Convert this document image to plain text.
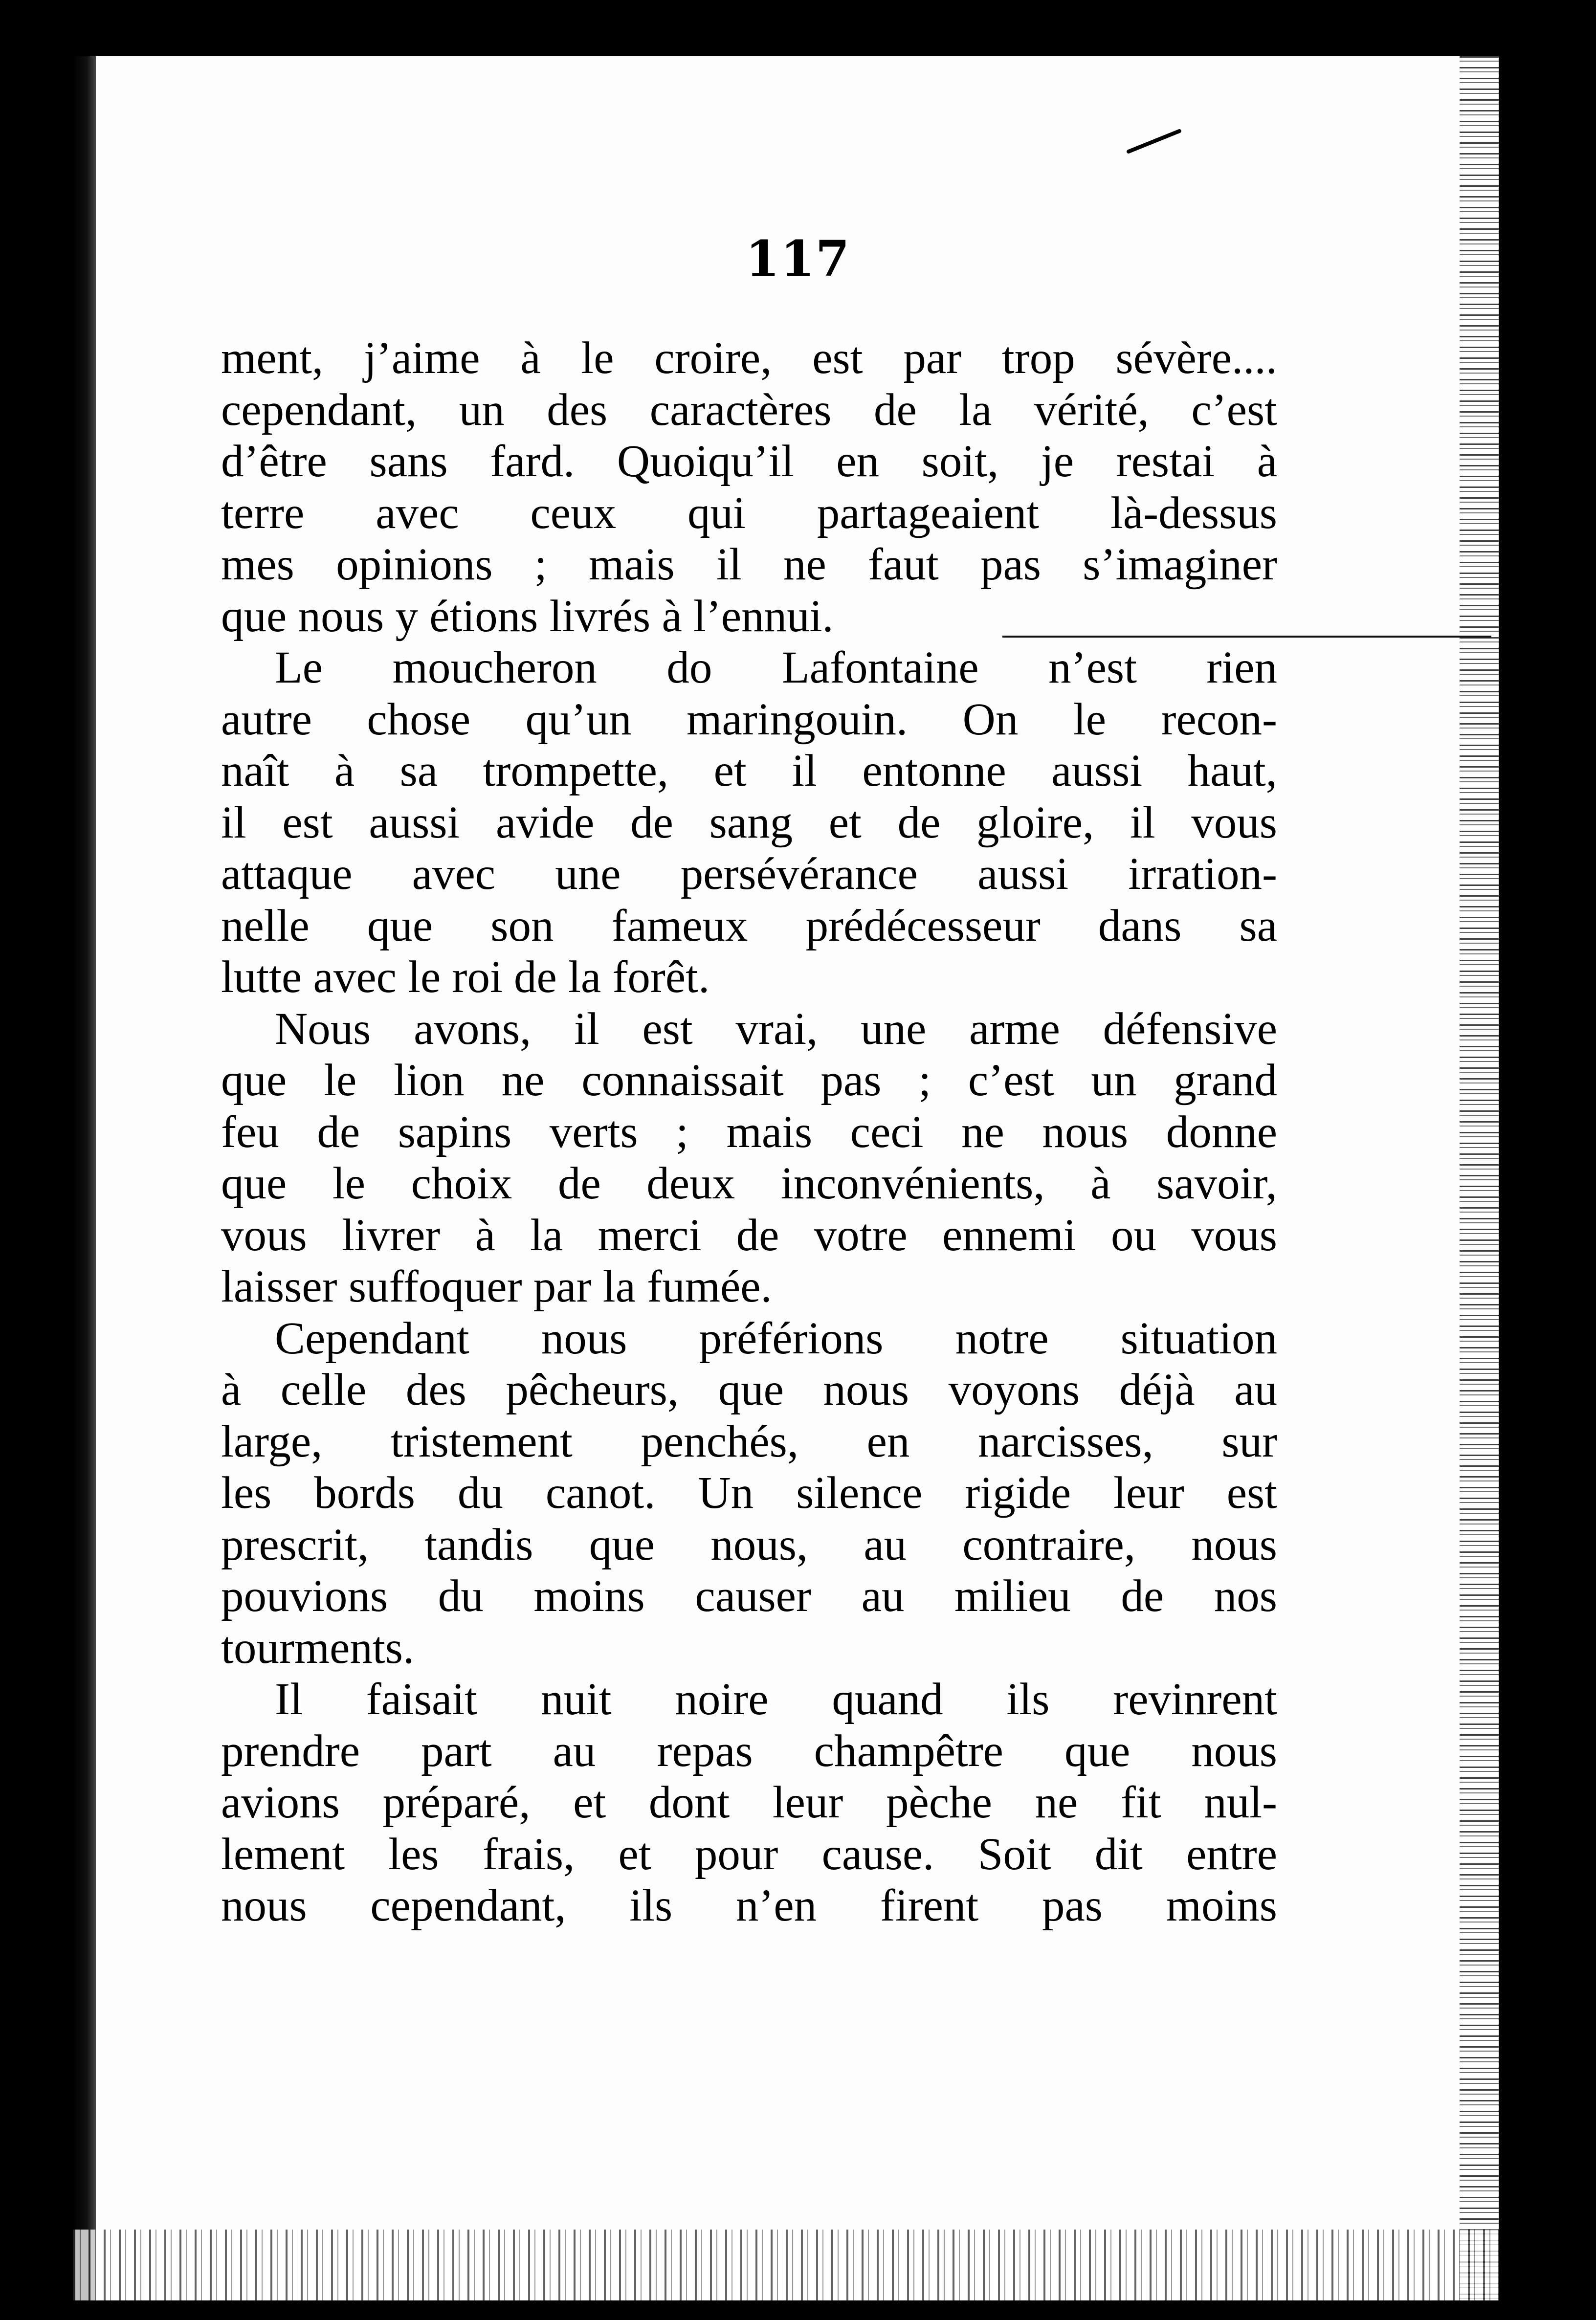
117
ment, j’aime à le croire, est par trop sévère....
cependant, un des caractères de la vérité, c’est
d’être sans fard. Quoiqu’il en soit, je restai à
terre avec ceux qui partageaient là-dessus
mes opinions ; mais il ne faut pas s’imaginer
que nous y étions livrés à l’ennui.
Le moucheron do Lafontaine n’est rien
autre chose qu’un maringouin. On le recon-
naît à sa trompette, et il entonne aussi haut,
il est aussi avide de sang et de gloire, il vous
attaque avec une persévérance aussi irration-
nelle que son fameux prédécesseur dans sa
lutte avec le roi de la forêt.
Nous avons, il est vrai, une arme défensive
que le lion ne connaissait pas ; c’est un grand
feu de sapins verts ; mais ceci ne nous donne
que le choix de deux inconvénients, à savoir,
vous livrer à la merci de votre ennemi ou vous
laisser suffoquer par la fumée.
Cependant nous préférions notre situation
à celle des pêcheurs, que nous voyons déjà au
large, tristement penchés, en narcisses, sur
les bords du canot. Un silence rigide leur est
prescrit, tandis que nous, au contraire, nous
pouvions du moins causer au milieu de nos
tourments.
Il faisait nuit noire quand ils revinrent
prendre part au repas champêtre que nous
avions préparé, et dont leur pèche ne fit nul-
lement les frais, et pour cause. Soit dit entre
nous cependant, ils n’en firent pas moins
